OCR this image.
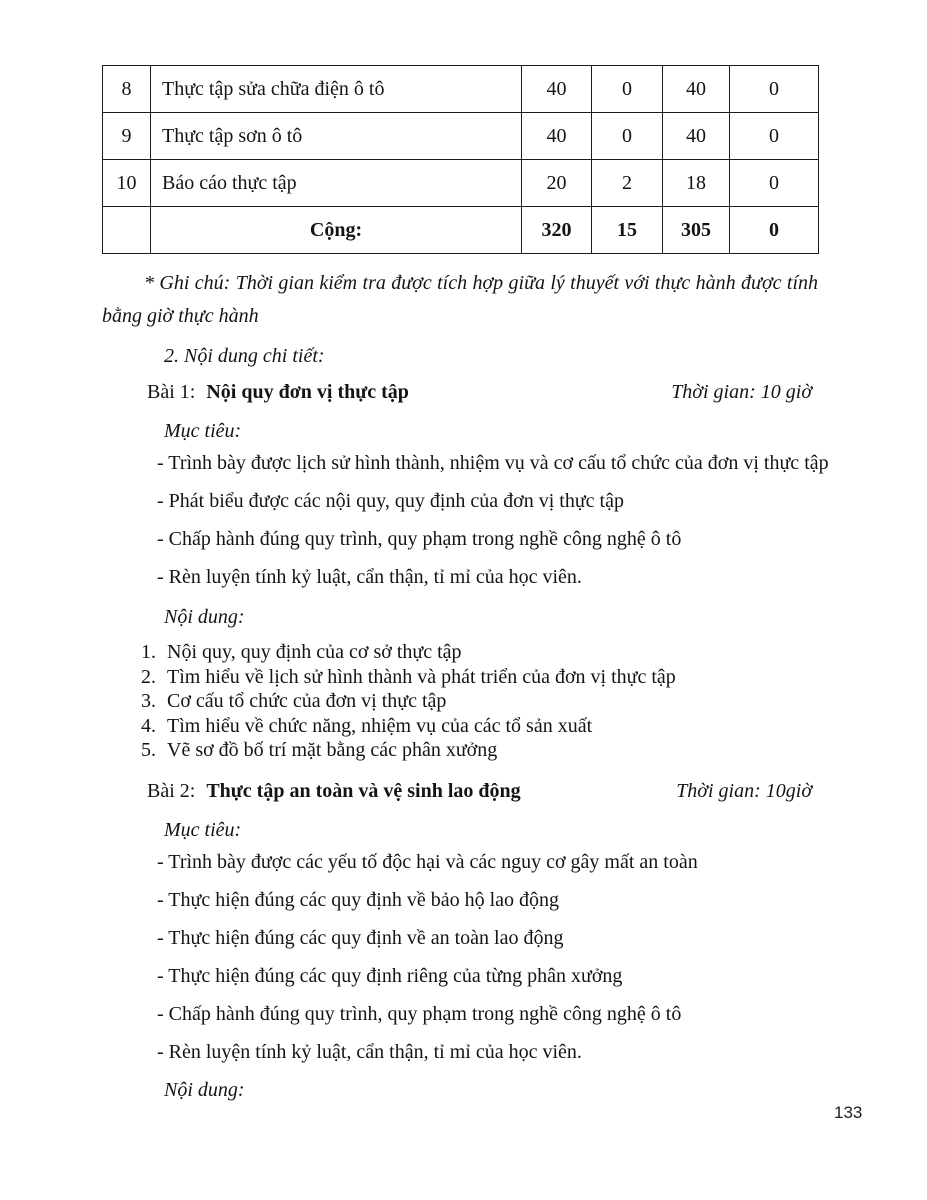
8	Thực tập sửa chữa điện ô tô	40	0	40	0
9	Thực tập sơn ô tô	40	0	40	0
10	Báo cáo thực tập	20	2	18	0
	Cộng:	320	15	305	0

* Ghi chú: Thời gian kiểm tra được tích hợp giữa lý thuyết với thực hành được tính bằng giờ thực hành

2. Nội dung chi tiết:

Bài 1: Nội quy đơn vị thực tập	Thời gian: 10 giờ

Mục tiêu:

- Trình bày được lịch sử hình thành, nhiệm vụ và cơ cấu tổ chức của đơn vị thực tập
- Phát biểu được các nội quy, quy định của đơn vị thực tập
- Chấp hành đúng quy trình, quy phạm trong nghề công nghệ ô tô
- Rèn luyện tính kỷ luật, cẩn thận, tỉ mỉ của học viên.

Nội dung:

1. Nội quy, quy định của cơ sở thực tập
2. Tìm hiểu về lịch sử hình thành và phát triển của đơn vị thực tập
3. Cơ cấu tổ chức của đơn vị thực tập
4. Tìm hiểu về chức năng, nhiệm vụ của các tổ sản xuất
5. Vẽ sơ đồ bố trí mặt bằng các phân xưởng
Bài 2: Thực tập an toàn và vệ sinh lao động	Thời gian: 10giờ

Mục tiêu:

- Trình bày được các yếu tố độc hại và các nguy cơ gây mất an toàn
- Thực hiện đúng các quy định về bảo hộ lao động
- Thực hiện đúng các quy định về an toàn lao động
- Thực hiện đúng các quy định riêng của từng phân xưởng
- Chấp hành đúng quy trình, quy phạm trong nghề công nghệ ô tô
- Rèn luyện tính kỷ luật, cẩn thận, tỉ mỉ của học viên.

Nội dung:

133
